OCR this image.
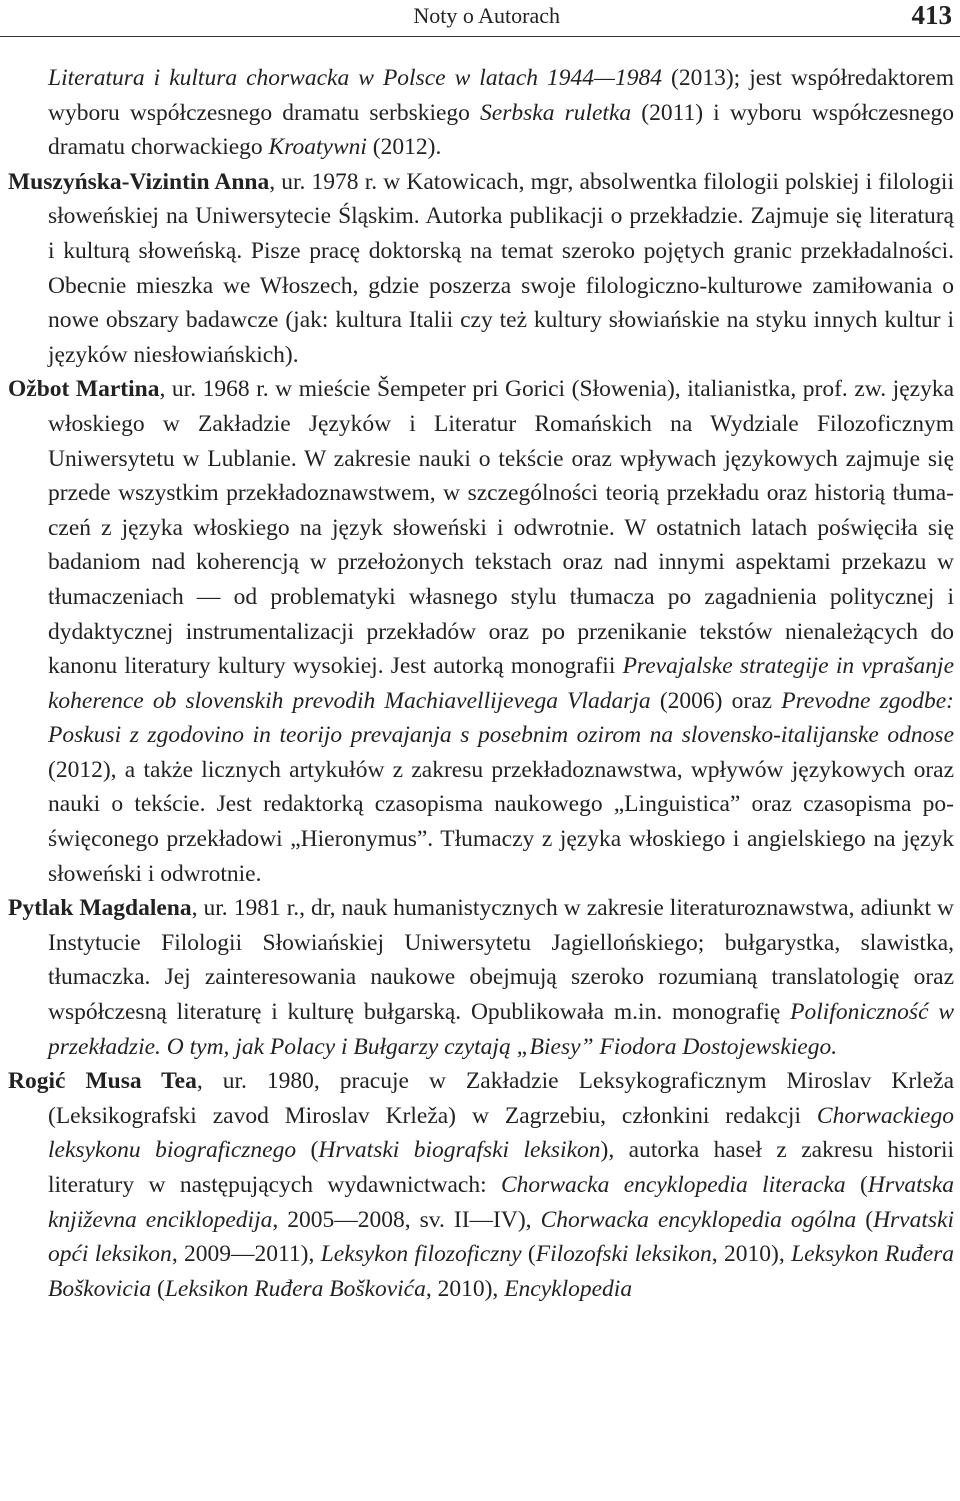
Noty o Autorach	413

Literatura i kultura chorwacka w Polsce w latach 1944—1984 (2013); jest współredaktorem wyboru współczesnego dramatu serbskiego Serbska ruletka (2011) i wyboru współczesnego dramatu chorwackiego Kroatywni (2012).

Muszyńska-Vizintin Anna, ur. 1978 r. w Katowicach, mgr, absolwentka filologii polskiej i filologii słoweńskiej na Uniwersytecie Śląskim. Autorka publikacji o przekładzie. Zajmuje się literaturą i kulturą słoweńską. Pisze pracę doktorską na temat szeroko pojętych granic przekładalności. Obecnie mieszka we Włoszech, gdzie poszerza swoje filologiczno-kulturowe zamiłowania o nowe obszary badawcze (jak: kultura Italii czy też kultury słowiańskie na styku innych kultur i języków niesłowiańskich).

Ožbot Martina, ur. 1968 r. w mieście Šempeter pri Gorici (Słowenia), italianistka, prof. zw. języka włoskiego w Zakładzie Języków i Literatur Romańskich na Wydziale Filozoficznym Uniwersytetu w Lublanie. W zakresie nauki o tekście oraz wpływach językowych zajmuje się przede wszystkim przekładoznawstwem, w szczególności teorią przekładu oraz historią tłumaczeń z języka włoskiego na język słoweński i odwrotnie. W ostatnich latach poświęciła się badaniom nad koherencją w przełożonych tekstach oraz nad innymi aspektami przekazu w tłumaczeniach — od problematyki własnego stylu tłumacza po zagadnienia politycznej i dydaktycznej instrumentalizacji przekładów oraz po przenikanie tekstów nienależących do kanonu literatury kultury wysokiej. Jest autorką monografii Prevajalske strategije in vprašanje koherence ob slovenskih prevodih Machiavellijevega Vladarja (2006) oraz Prevodne zgodbe: Poskusi z zgodovino in teorijo prevajanja s posebnim ozirom na slovensko-italijanske odnose (2012), a także licznych artykułów z zakresu przekładoznawstwa, wpływów językowych oraz nauki o tekście. Jest redaktorką czasopisma naukowego „Linguistica” oraz czasopisma poświęconego przekładowi „Hieronymus”. Tłumaczy z języka włoskiego i angielskiego na język słoweński i odwrotnie.

Pytlak Magdalena, ur. 1981 r., dr, nauk humanistycznych w zakresie literaturoznawstwa, adiunkt w Instytucie Filologii Słowiańskiej Uniwersytetu Jagiellońskiego; bułgarystka, slawistka, tłumaczka. Jej zainteresowania naukowe obejmują szeroko rozumianą translatologię oraz współczesną literaturę i kulturę bułgarską. Opublikowała m.in. monografię Polifoniczność w przekładzie. O tym, jak Polacy i Bułgarzy czytają „Biesy” Fiodora Dostojewskiego.

Rogić Musa Tea, ur. 1980, pracuje w Zakładzie Leksykograficznym Miroslav Krleža (Leksikografski zavod Miroslav Krleža) w Zagrzebiu, członkini redakcji Chorwackiego leksykonu biograficznego (Hrvatski biografski leksikon), autorka haseł z zakresu historii literatury w następujących wydawnictwach: Chorwacka encyklopedia literacka (Hrvatska književna enciklopedija, 2005—2008, sv. II—IV), Chorwacka encyklopedia ogólna (Hrvatski opći leksikon, 2009—2011), Leksykon filozoficzny (Filozofski leksikon, 2010), Leksykon Ruđera Boškovicia (Leksikon Ruđera Boškovića, 2010), Encyklopedia
